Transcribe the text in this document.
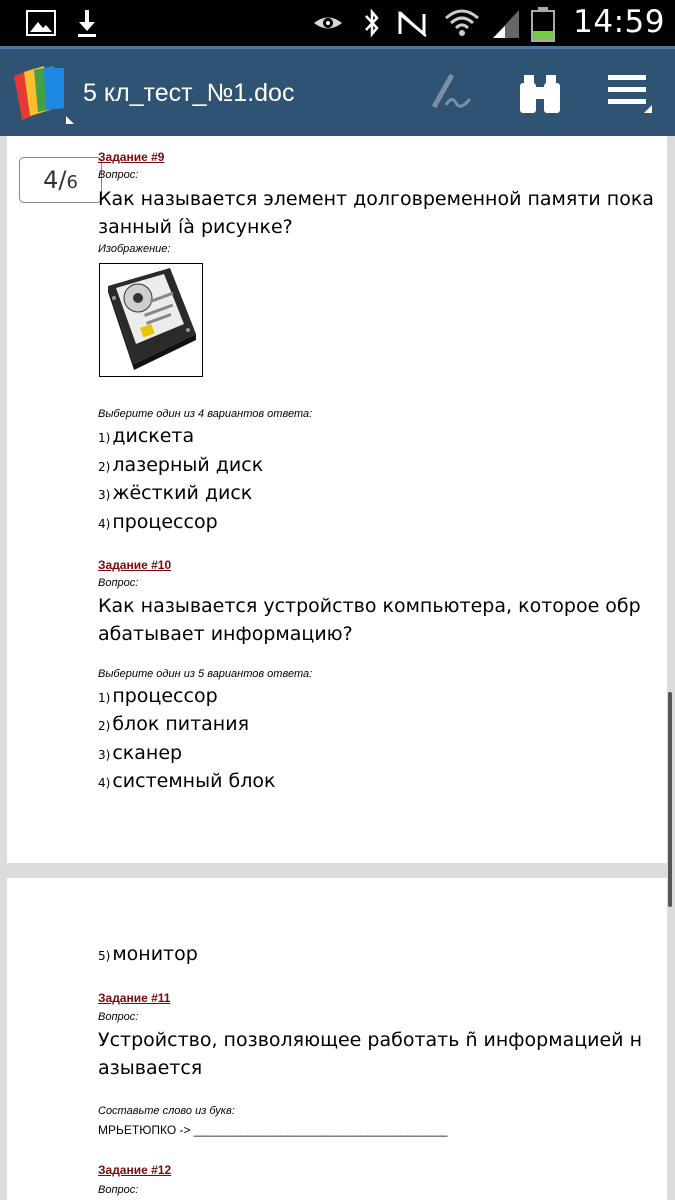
14:59
5 кл_тест_№1.doc
4/6
Задание #9
Вопрос:
Как называется элемент долговременной памяти пока
занный íà рисунке?
Изображение:
Выберите один из 4 вариантов ответа:
1) дискета
2) лазерный диск
3) жёсткий диск
4) процессор
Задание #10
Вопрос:
Как называется устройство компьютера, которое обр
абатывает информацию?
Выберите один из 5 вариантов ответа:
1) процессор
2) блок питания
3) сканер
4) системный блок
5) монитор
Задание #11
Вопрос:
Устройство, позволяющее работать ñ информацией н
азывается
Составьте слово из букв:
МРЬЕТЮПКО -> ______________________________________
Задание #12
Вопрос:
